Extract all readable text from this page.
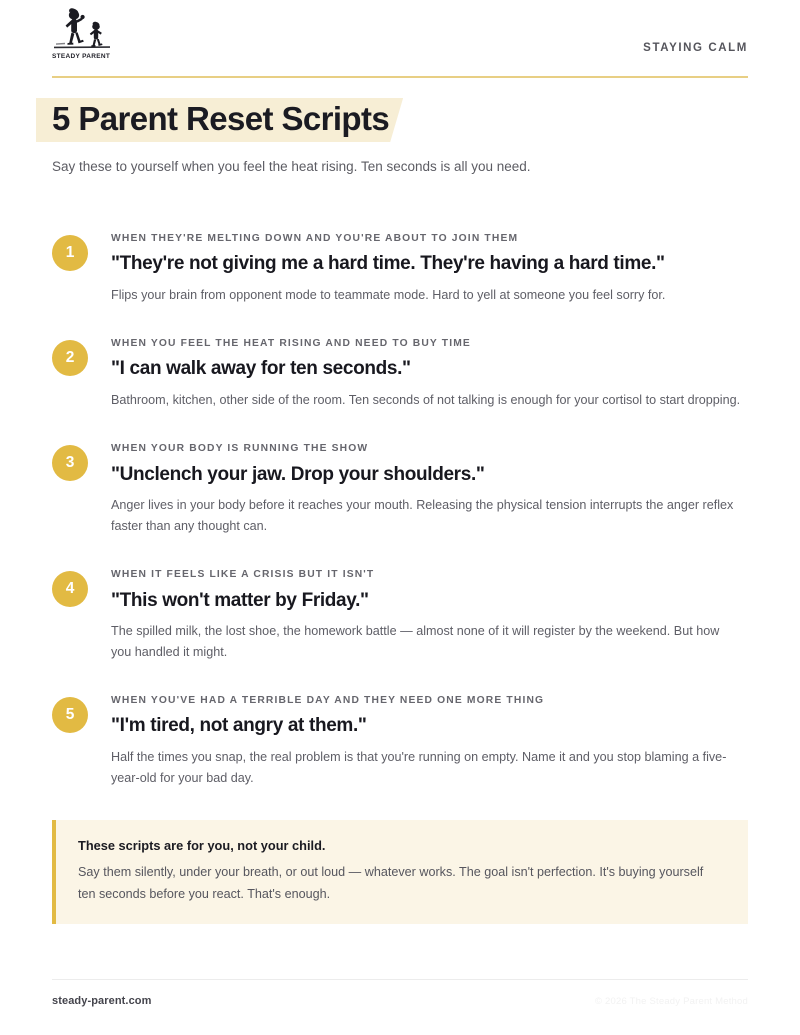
STEADY PARENT
STAYING CALM
5 Parent Reset Scripts

Say these to yourself when you feel the heat rising. Ten seconds is all you need.

1
WHEN THEY'RE MELTING DOWN AND YOU'RE ABOUT TO JOIN THEM
"They're not giving me a hard time. They're having a hard time."
Flips your brain from opponent mode to teammate mode. Hard to yell at someone you feel sorry for.
2
WHEN YOU FEEL THE HEAT RISING AND NEED TO BUY TIME
"I can walk away for ten seconds."
Bathroom, kitchen, other side of the room. Ten seconds of not talking is enough for your cortisol to start dropping.
3
WHEN YOUR BODY IS RUNNING THE SHOW
"Unclench your jaw. Drop your shoulders."
Anger lives in your body before it reaches your mouth. Releasing the physical tension interrupts the anger reflex faster than any thought can.
4
WHEN IT FEELS LIKE A CRISIS BUT IT ISN'T
"This won't matter by Friday."
The spilled milk, the lost shoe, the homework battle — almost none of it will register by the weekend. But how you handled it might.
5
WHEN YOU'VE HAD A TERRIBLE DAY AND THEY NEED ONE MORE THING
"I'm tired, not angry at them."
Half the times you snap, the real problem is that you're running on empty. Name it and you stop blaming a five-year-old for your bad day.
These scripts are for you, not your child.
Say them silently, under your breath, or out loud — whatever works. The goal isn't perfection. It's buying yourself ten seconds before you react. That's enough.
steady-parent.com	© 2026 The Steady Parent Method
